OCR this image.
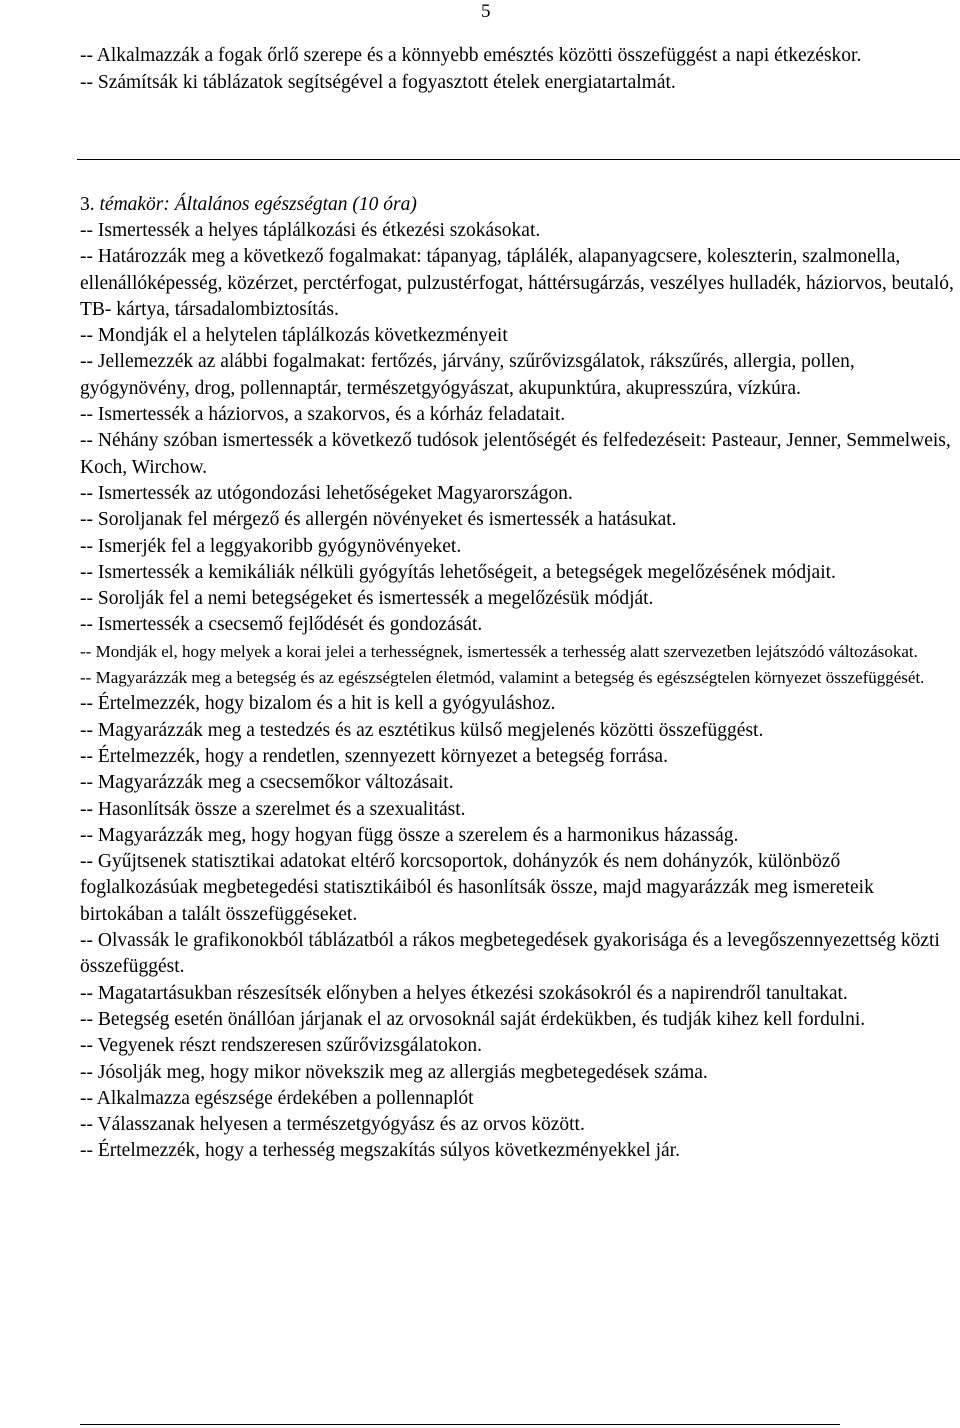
5

-- Alkalmazzák a fogak őrlő szerepe és a könnyebb emésztés közötti összefüggést a napi étkezéskor.

-- Számítsák ki táblázatok segítségével a fogyasztott ételek energiatartalmát.

3. témakör: Általános egészségtan (10 óra)

-- Ismertessék a helyes táplálkozási és étkezési szokásokat.

-- Határozzák meg a következő fogalmakat: tápanyag, táplálék, alapanyagcsere, koleszterin, szalmonella, ellenállóképesség, közérzet, perctérfogat, pulzustérfogat, háttérsugárzás, veszélyes hulladék, háziorvos, beutaló, TB- kártya, társadalombiztosítás.

-- Mondják el a helytelen táplálkozás következményeit

-- Jellemezzék az alábbi fogalmakat: fertőzés, járvány, szűrővizsgálatok, rákszűrés, allergia, pollen, gyógynövény, drog, pollennaptár, természetgyógyászat, akupunktúra, akupresszúra, vízkúra.

-- Ismertessék a háziorvos, a szakorvos, és a kórház feladatait.

-- Néhány szóban ismertessék a következő tudósok jelentőségét és felfedezéseit: Pasteaur, Jenner, Semmelweis, Koch, Wirchow.

-- Ismertessék az utógondozási lehetőségeket Magyarországon.

-- Soroljanak fel mérgező és allergén növényeket és ismertessék a hatásukat.

-- Ismerjék fel a leggyakoribb gyógynövényeket.

-- Ismertessék a kemikáliák nélküli gyógyítás lehetőségeit, a betegségek megelőzésének módjait.

-- Sorolják fel a nemi betegségeket és ismertessék a megelőzésük módját.

-- Ismertessék a csecsemő fejlődését és gondozását.

-- Mondják el, hogy melyek a korai jelei a terhességnek, ismertessék a terhesség alatt szervezetben lejátszódó változásokat.

-- Magyarázzák meg a betegség és az egészségtelen életmód, valamint a betegség és egészségtelen környezet összefüggését.

-- Értelmezzék, hogy bizalom és a hit is kell a gyógyuláshoz.

-- Magyarázzák meg a testedzés és az esztétikus külső megjelenés közötti összefüggést.

-- Értelmezzék, hogy a rendetlen, szennyezett környezet a betegség forrása.

-- Magyarázzák meg a csecsemőkor változásait.

-- Hasonlítsák össze a szerelmet és a szexualitást.

-- Magyarázzák meg, hogy hogyan függ össze a szerelem és a harmonikus házasság.

-- Gyűjtsenek statisztikai adatokat eltérő korcsoportok, dohányzók és nem dohányzók, különböző foglalkozásúak megbetegedési statisztikáiból és hasonlítsák össze, majd magyarázzák meg ismereteik birtokában a talált összefüggéseket.

-- Olvassák le grafikonokból táblázatból a rákos megbetegedések gyakorisága és a levegőszennyezettség közti összefüggést.

-- Magatartásukban részesítsék előnyben a helyes étkezési szokásokról és a napirendről tanultakat.

-- Betegség esetén önállóan járjanak el az orvosoknál saját érdekükben, és tudják kihez kell fordulni.

-- Vegyenek részt rendszeresen szűrővizsgálatokon.

-- Jósolják meg, hogy mikor növekszik meg az allergiás megbetegedések száma.

-- Alkalmazza egészsége érdekében a pollennaplót

-- Válasszanak helyesen a természetgyógyász és az orvos között.

-- Értelmezzék, hogy a terhesség megszakítás súlyos következményekkel jár.
